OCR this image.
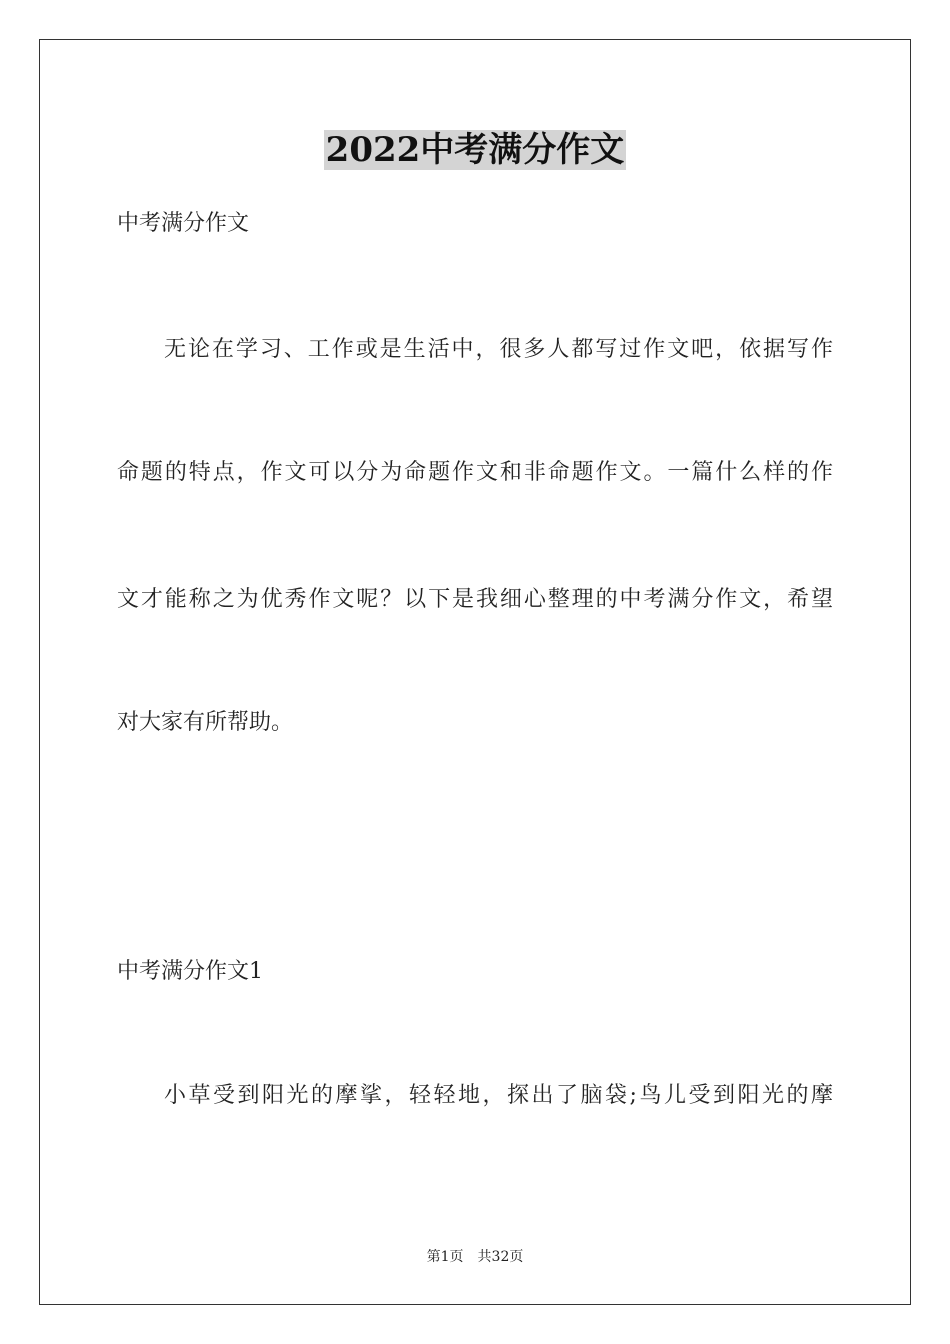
2022中考满分作文
中考满分作文
无论在学习、工作或是生活中，很多人都写过作文吧，依据写作
命题的特点，作文可以分为命题作文和非命题作文。一篇什么样的作
文才能称之为优秀作文呢？以下是我细心整理的中考满分作文，希望
对大家有所帮助。
中考满分作文1
小草受到阳光的摩挲，轻轻地，探出了脑袋;鸟儿受到阳光的摩
第1页 共32页
